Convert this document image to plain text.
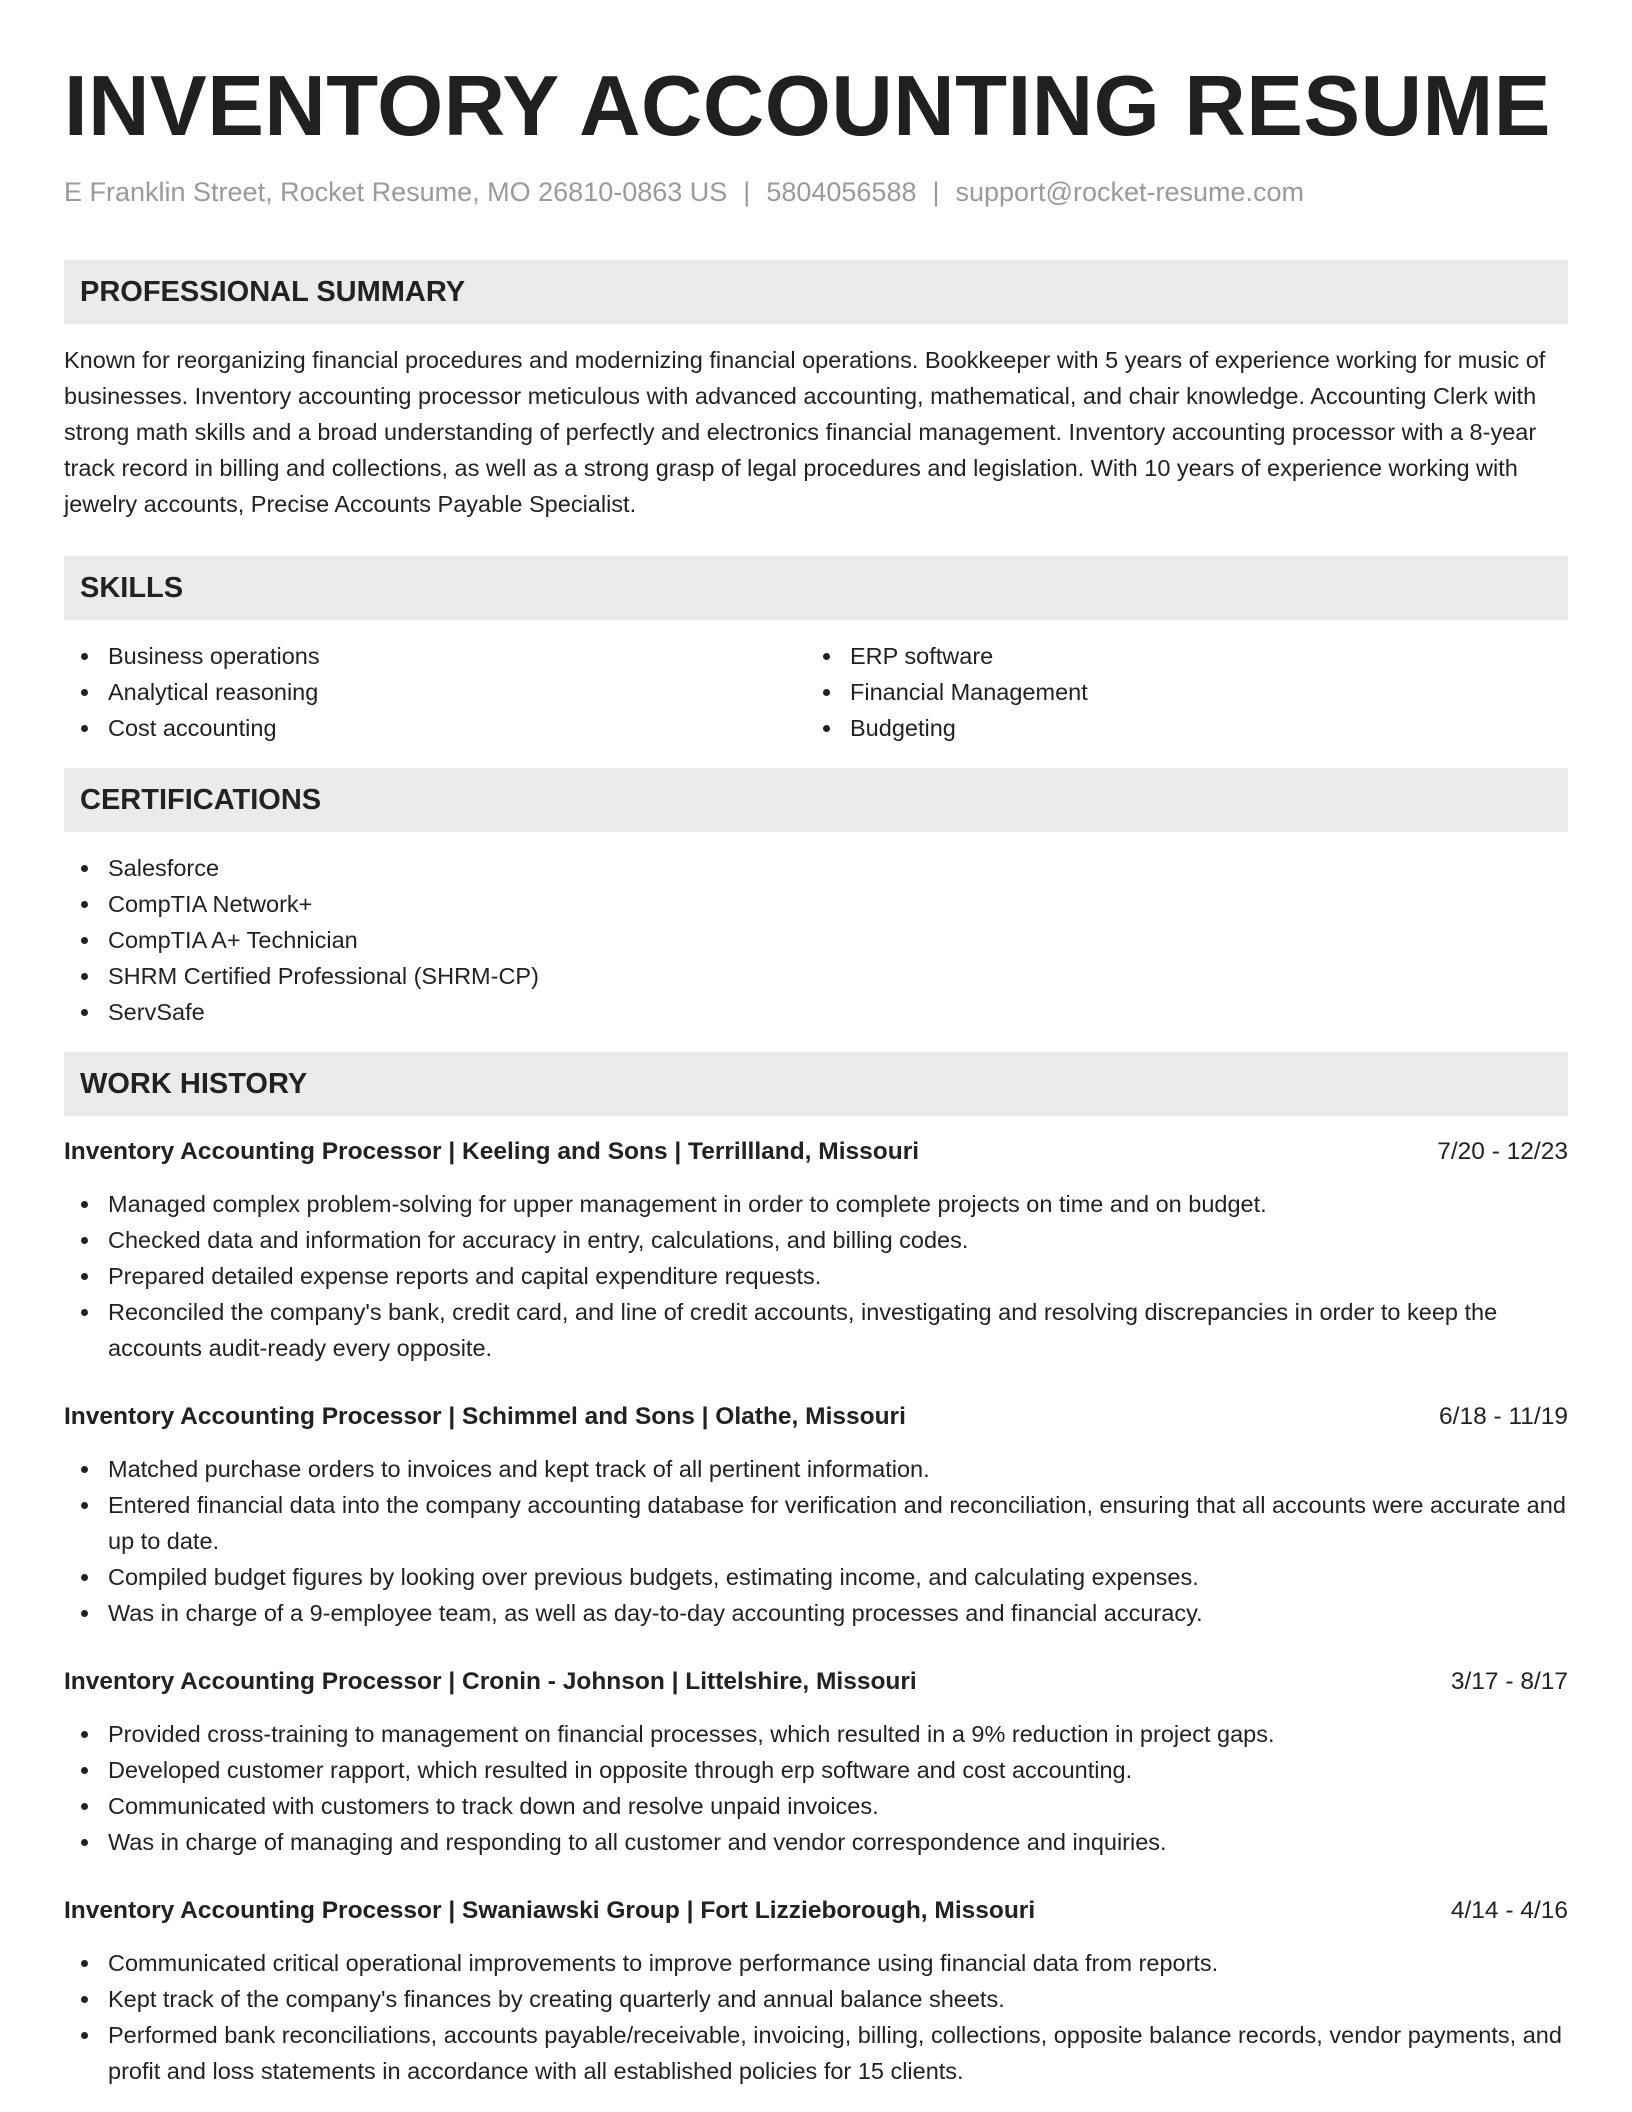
INVENTORY ACCOUNTING RESUME
E Franklin Street, Rocket Resume, MO 26810-0863 US | 5804056588 | support@rocket-resume.com
PROFESSIONAL SUMMARY

Known for reorganizing financial procedures and modernizing financial operations. Bookkeeper with 5 years of experience working for music of businesses. Inventory accounting processor meticulous with advanced accounting, mathematical, and chair knowledge. Accounting Clerk with strong math skills and a broad understanding of perfectly and electronics financial management. Inventory accounting processor with a 8-year track record in billing and collections, as well as a strong grasp of legal procedures and legislation. With 10 years of experience working with jewelry accounts, Precise Accounts Payable Specialist.

SKILLS
Business operations
Analytical reasoning
Cost accounting
ERP software
Financial Management
Budgeting
CERTIFICATIONS
Salesforce
CompTIA Network+
CompTIA A+ Technician
SHRM Certified Professional (SHRM-CP)
ServSafe
WORK HISTORY
Inventory Accounting Processor | Keeling and Sons | Terrillland, Missouri	7/20 - 12/23
Managed complex problem-solving for upper management in order to complete projects on time and on budget.
Checked data and information for accuracy in entry, calculations, and billing codes.
Prepared detailed expense reports and capital expenditure requests.
Reconciled the company's bank, credit card, and line of credit accounts, investigating and resolving discrepancies in order to keep the accounts audit-ready every opposite.
Inventory Accounting Processor | Schimmel and Sons | Olathe, Missouri	6/18 - 11/19
Matched purchase orders to invoices and kept track of all pertinent information.
Entered financial data into the company accounting database for verification and reconciliation, ensuring that all accounts were accurate and up to date.
Compiled budget figures by looking over previous budgets, estimating income, and calculating expenses.
Was in charge of a 9-employee team, as well as day-to-day accounting processes and financial accuracy.
Inventory Accounting Processor | Cronin - Johnson | Littelshire, Missouri	3/17 - 8/17
Provided cross-training to management on financial processes, which resulted in a 9% reduction in project gaps.
Developed customer rapport, which resulted in opposite through erp software and cost accounting.
Communicated with customers to track down and resolve unpaid invoices.
Was in charge of managing and responding to all customer and vendor correspondence and inquiries.
Inventory Accounting Processor | Swaniawski Group | Fort Lizzieborough, Missouri	4/14 - 4/16
Communicated critical operational improvements to improve performance using financial data from reports.
Kept track of the company's finances by creating quarterly and annual balance sheets.
Performed bank reconciliations, accounts payable/receivable, invoicing, billing, collections, opposite balance records, vendor payments, and profit and loss statements in accordance with all established policies for 15 clients.
